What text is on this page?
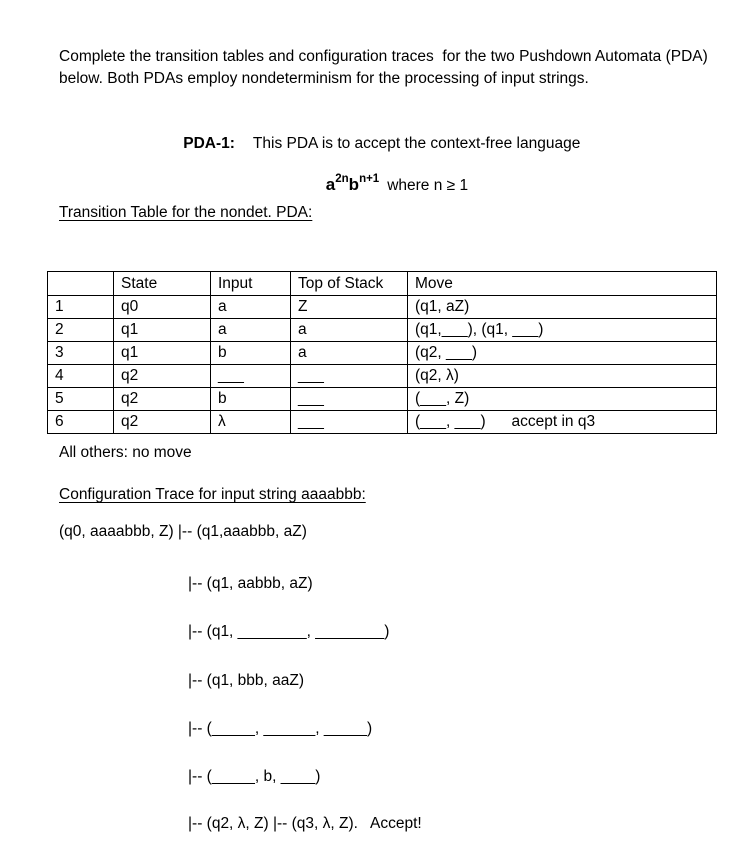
Complete the transition tables and configuration traces  for the two Pushdown Automata (PDA)
below. Both PDAs employ nondeterminism for the processing of input strings.

PDA-1: This PDA is to accept the context-free language

$a^{2n}b^{n+1}$ where n ≥ 1

Transition Table for the nondet. PDA:
	State	Input	Top of Stack	Move
1	q0	a	Z	(q1, aZ)
2	q1	a	a	(q1,___), (q1, ___)
3	q1	b	a	(q2, ___)
4	q2	___	___	(q2, λ)
5	q2	b	___	(___, Z)
6	q2	λ	___	(___, ___)      accept in q3
All others: no move
Configuration Trace for input string aaaabbb:
(q0, aaaabbb, Z) |-- (q1,aaabbb, aZ)
|-- (q1, aabbb, aZ)
|-- (q1, ________, ________)
|-- (q1, bbb, aaZ)
|-- (_____, ______, _____)
|-- (_____, b, ____)
|-- (q2, λ, Z) |-- (q3, λ, Z).   Accept!
